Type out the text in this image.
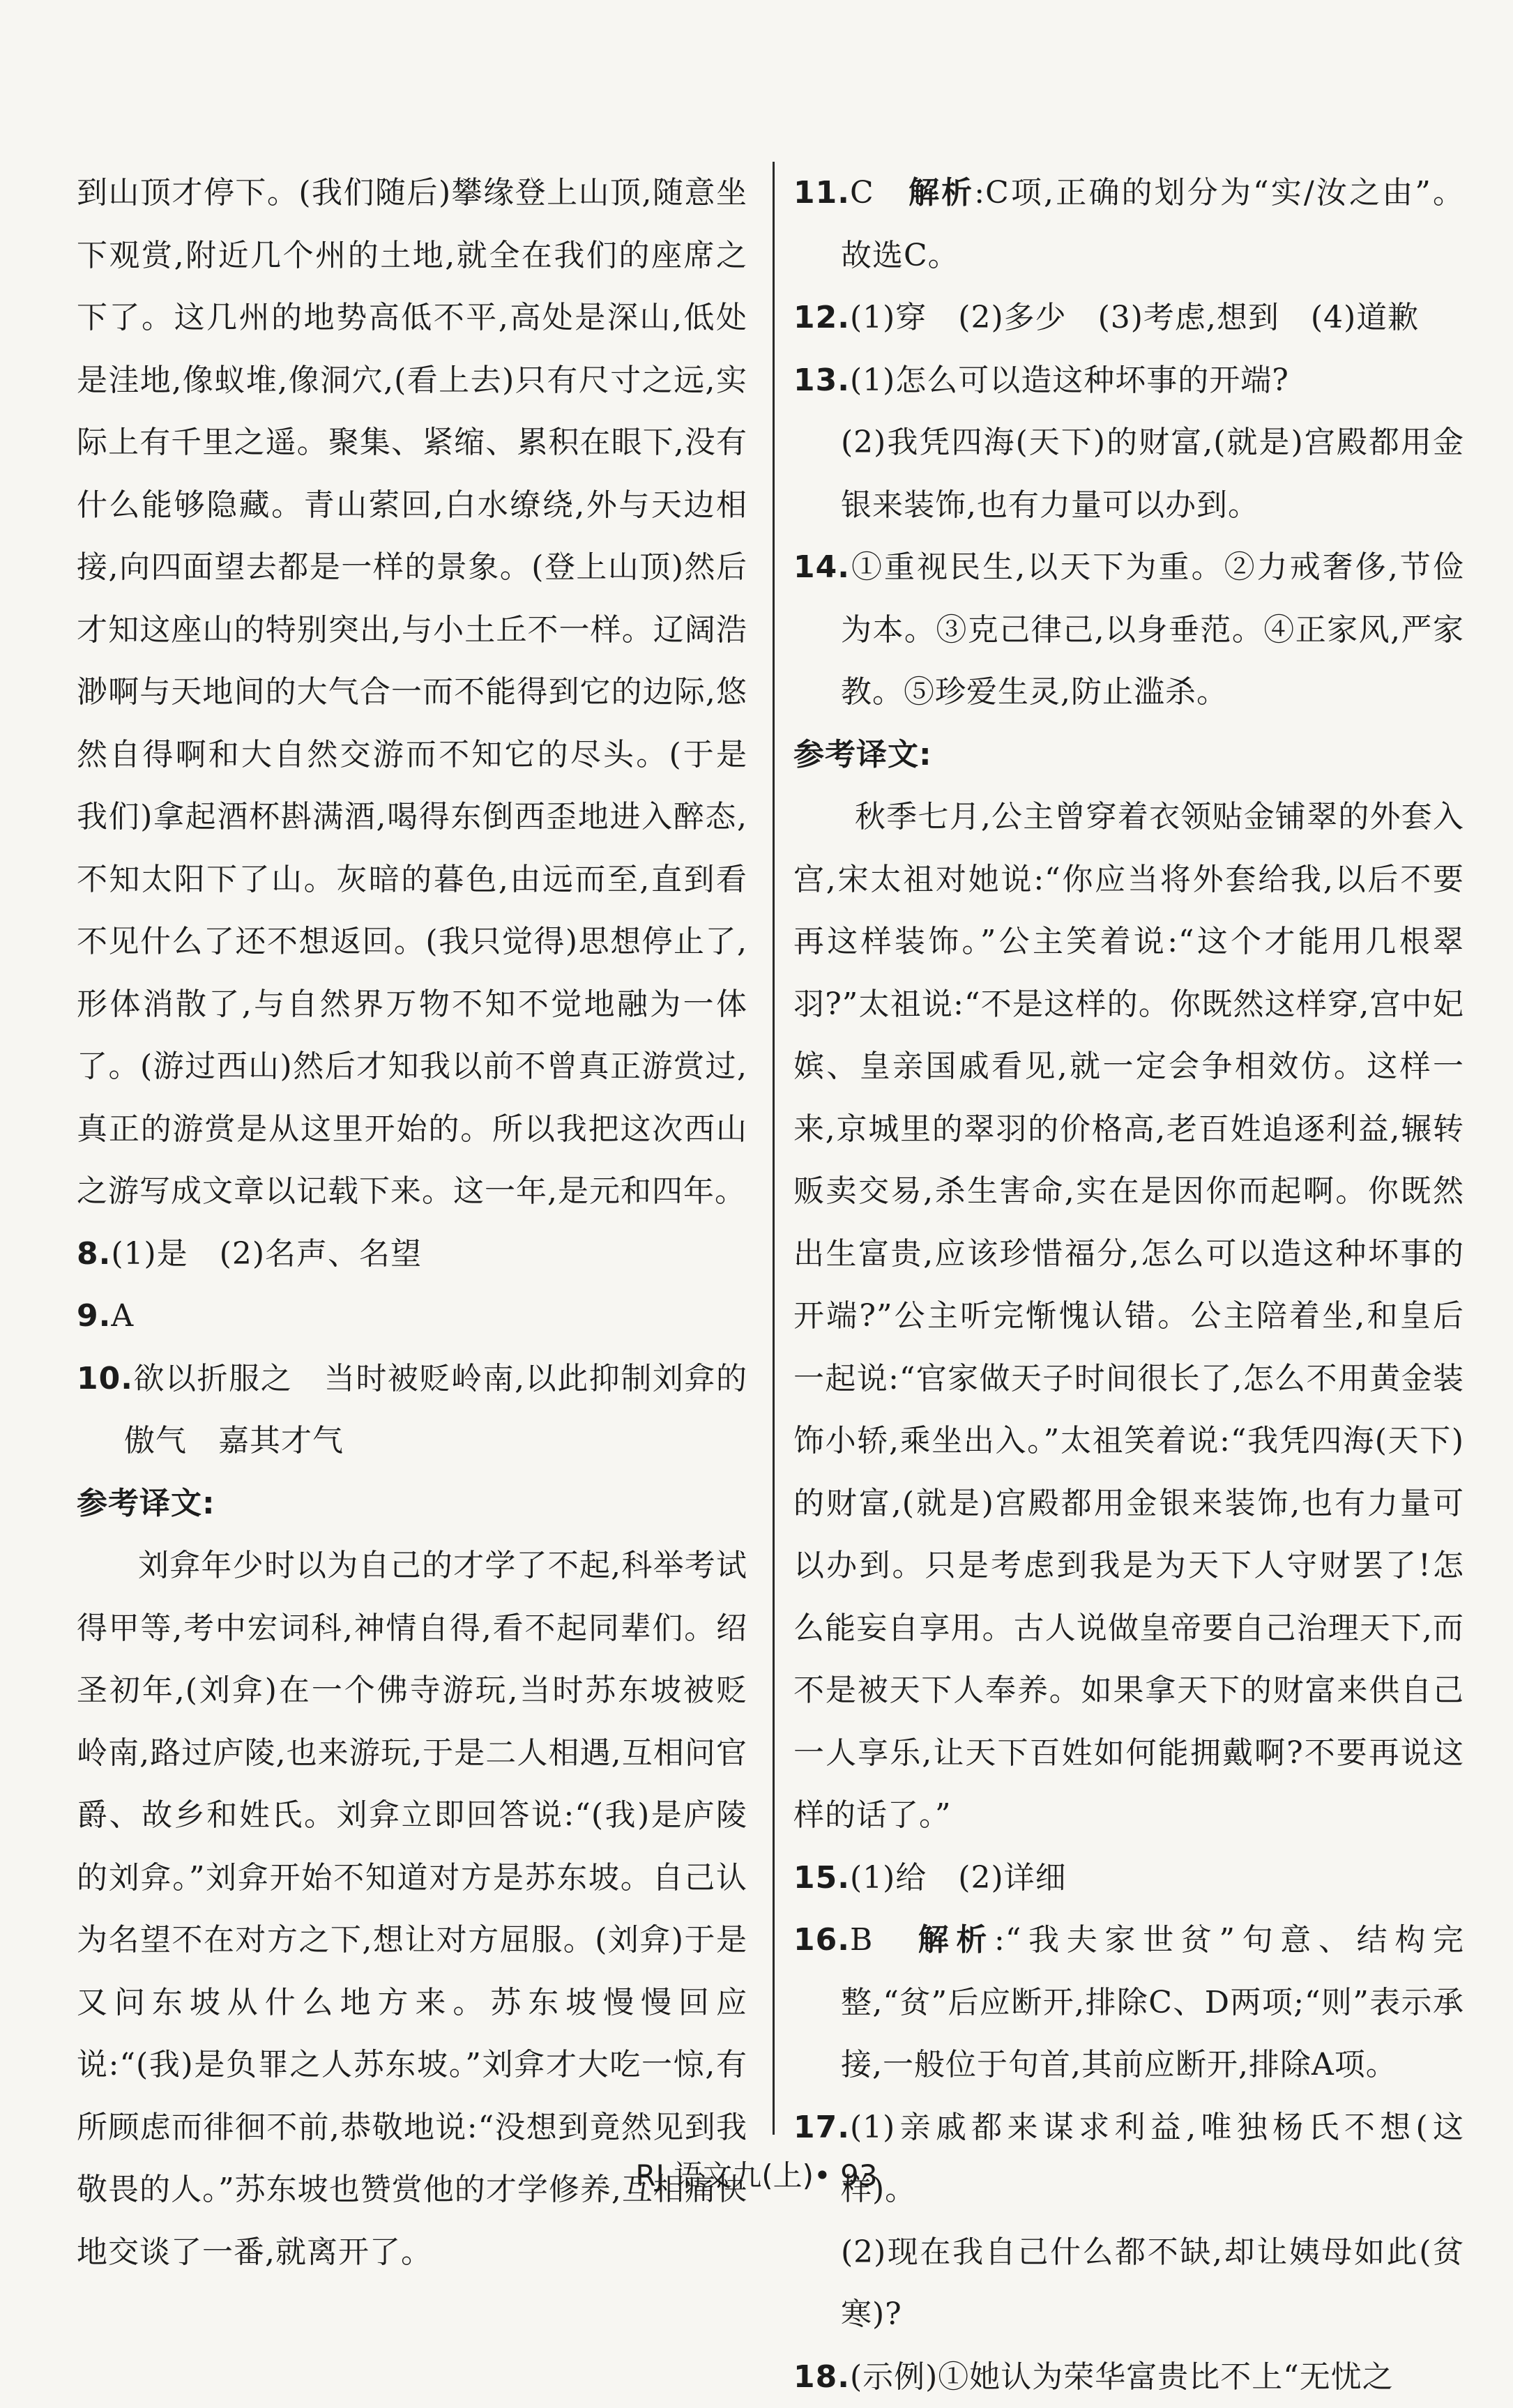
到山顶才停下。(我们随后)攀缘登上山顶,随意坐下观赏,附近几个州的土地,就全在我们的座席之下了。这几州的地势高低不平,高处是深山,低处是洼地,像蚁堆,像洞穴,(看上去)只有尺寸之远,实际上有千里之遥。聚集、紧缩、累积在眼下,没有什么能够隐藏。青山萦回,白水缭绕,外与天边相接,向四面望去都是一样的景象。(登上山顶)然后才知这座山的特别突出,与小土丘不一样。辽阔浩渺啊与天地间的大气合一而不能得到它的边际,悠然自得啊和大自然交游而不知它的尽头。(于是我们)拿起酒杯斟满酒,喝得东倒西歪地进入醉态,不知太阳下了山。灰暗的暮色,由远而至,直到看不见什么了还不想返回。(我只觉得)思想停止了,形体消散了,与自然界万物不知不觉地融为一体了。(游过西山)然后才知我以前不曾真正游赏过,真正的游赏是从这里开始的。所以我把这次西山之游写成文章以记载下来。这一年,是元和四年。

8.(1)是　(2)名声、名望

9.A

10.欲以折服之　当时被贬岭南,以此抑制刘弇的傲气　嘉其才气

参考译文:

刘弇年少时以为自己的才学了不起,科举考试得甲等,考中宏词科,神情自得,看不起同辈们。绍圣初年,(刘弇)在一个佛寺游玩,当时苏东坡被贬岭南,路过庐陵,也来游玩,于是二人相遇,互相问官爵、故乡和姓氏。刘弇立即回答说:“(我)是庐陵的刘弇。”刘弇开始不知道对方是苏东坡。自己认为名望不在对方之下,想让对方屈服。(刘弇)于是又问东坡从什么地方来。苏东坡慢慢回应说:“(我)是负罪之人苏东坡。”刘弇才大吃一惊,有所顾虑而徘徊不前,恭敬地说:“没想到竟然见到我敬畏的人。”苏东坡也赞赏他的才学修养,互相痛快地交谈了一番,就离开了。

11.C　 解析:C项,正确的划分为“实/汝之由”。故选C。

12.(1)穿　(2)多少　(3)考虑,想到　(4)道歉

13.(1)怎么可以造这种坏事的开端?

(2)我凭四海(天下)的财富,(就是)宫殿都用金银来装饰,也有力量可以办到。

14.①重视民生,以天下为重。②力戒奢侈,节俭为本。③克己律己,以身垂范。④正家风,严家教。⑤珍爱生灵,防止滥杀。

参考译文:

秋季七月,公主曾穿着衣领贴金铺翠的外套入宫,宋太祖对她说:“你应当将外套给我,以后不要再这样装饰。”公主笑着说:“这个才能用几根翠羽?”太祖说:“不是这样的。你既然这样穿,宫中妃嫔、皇亲国戚看见,就一定会争相效仿。这样一来,京城里的翠羽的价格高,老百姓追逐利益,辗转贩卖交易,杀生害命,实在是因你而起啊。你既然出生富贵,应该珍惜福分,怎么可以造这种坏事的开端?”公主听完惭愧认错。公主陪着坐,和皇后一起说:“官家做天子时间很长了,怎么不用黄金装饰小轿,乘坐出入。”太祖笑着说:“我凭四海(天下)的财富,(就是)宫殿都用金银来装饰,也有力量可以办到。只是考虑到我是为天下人守财罢了!怎么能妄自享用。古人说做皇帝要自己治理天下,而不是被天下人奉养。如果拿天下的财富来供自己一人享乐,让天下百姓如何能拥戴啊?不要再说这样的话了。”

15.(1)给　(2)详细

16.B　 解析:“我夫家世贫”句意、结构完整,“贫”后应断开,排除C、D两项;“则”表示承接,一般位于句首,其前应断开,排除A项。

17.(1)亲戚都来谋求利益,唯独杨氏不想(这样)。

(2)现在我自己什么都不缺,却让姨母如此(贫寒)?

18.(示例)①她认为荣华富贵比不上“无忧之

RJ 语文九(上)• 93
